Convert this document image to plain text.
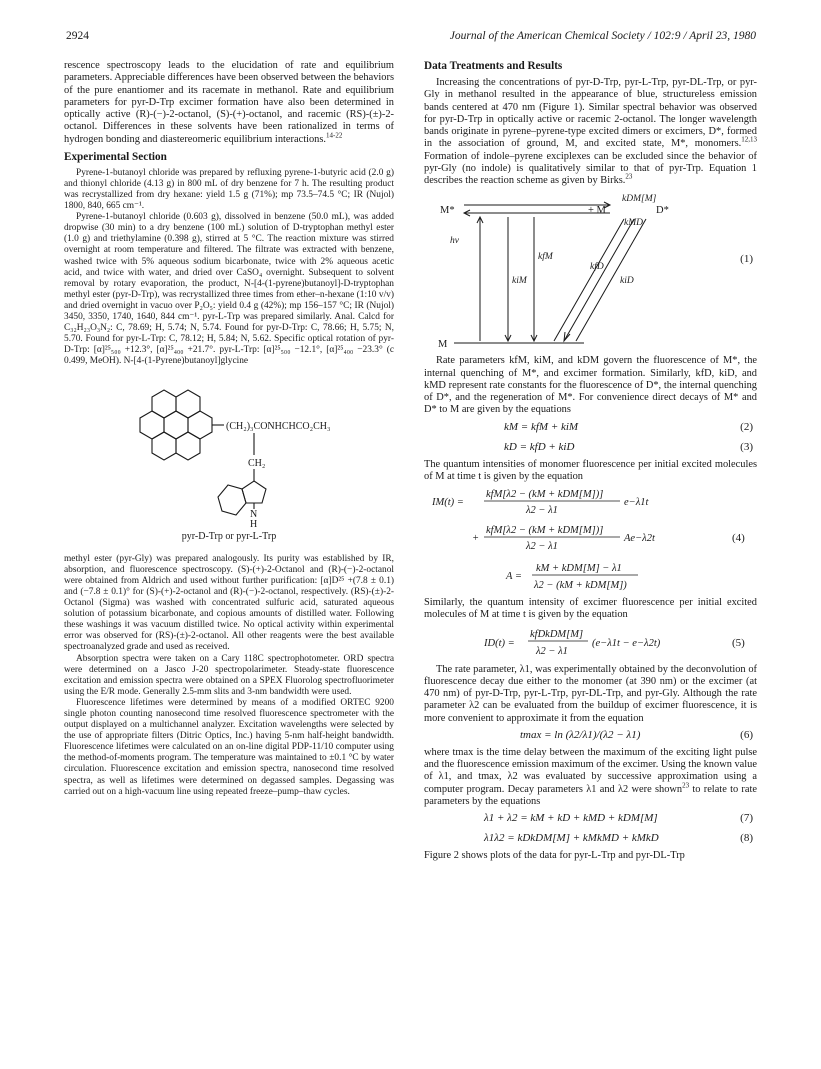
2924	Journal of the American Chemical Society / 102:9 / April 23, 1980

rescence spectroscopy leads to the elucidation of rate and equilibrium parameters. Appreciable differences have been observed between the behaviors of the pure enantiomer and its racemate in methanol. Rate and equilibrium parameters for pyr-D-Trp excimer formation have also been determined in optically active (R)-(−)-2-octanol, (S)-(+)-octanol, and racemic (RS)-(±)-2-octanol. Differences in these solvents have been rationalized in terms of hydrogen bonding and diastereomeric equilibrium interactions.$^{14-22}$

Experimental Section

Pyrene-1-butanoyl chloride was prepared by refluxing pyrene-1-butyric acid (2.0 g) and thionyl chloride (4.13 g) in 800 mL of dry benzene for 7 h. The resulting product was recrystallized from dry hexane: yield 1.5 g (71%); mp 73.5–74.5 °C; IR (Nujol) 1800, 840, 665 cm⁻¹.

Pyrene-1-butanoyl chloride (0.603 g), dissolved in benzene (50.0 mL), was added dropwise (30 min) to a dry benzene (100 mL) solution of D-tryptophan methyl ester (1.0 g) and triethylamine (0.398 g), stirred at 5 °C. The reaction mixture was stirred overnight at room temperature and filtered. The filtrate was extracted with benzene, washed twice with 5% aqueous sodium bicarbonate, twice with 2% aqueous acetic acid, and twice with water, and dried over CaSO₄ overnight. Subsequent to solvent removal by rotary evaporation, the product, N-[4-(1-pyrene)butanoyl]-D-tryptophan methyl ester (pyr-D-Trp), was recrystallized three times from ether–n-hexane (1:10 v/v) and dried overnight in vacuo over P₂O₅: yield 0.4 g (42%); mp 156–157 °C; IR (Nujol) 3450, 3350, 1740, 1640, 844 cm⁻¹. pyr-L-Trp was prepared similarly. Anal. Calcd for C₃₂H₂₃O₃N₂: C, 78.69; H, 5.74; N, 5.74. Found for pyr-D-Trp: C, 78.66; H, 5.75; N, 5.70. Found for pyr-L-Trp: C, 78.12; H, 5.84; N, 5.62. Specific optical rotation of pyr-D-Trp: [α]²⁵₅₀₀ +12.3°, [α]²⁵₄₀₀ +21.7°. pyr-L-Trp: [α]²⁵₅₀₀ −12.1°, [α]²⁵₄₀₀ −23.3° (c 0.499, MeOH). N-[4-(1-Pyrene)butanoyl]glycine

(CH₂)₃CONHCHCO₂CH₃
CH₂
N
H
pyr-D-Trp or pyr-L-Trp

methyl ester (pyr-Gly) was prepared analogously. Its purity was established by IR, absorption, and fluorescence spectroscopy. (S)-(+)-2-Octanol and (R)-(−)-2-octanol were obtained from Aldrich and used without further purification: [α]D²⁵ +(7.8 ± 0.1) and (−7.8 ± 0.1)° for (S)-(+)-2-octanol and (R)-(−)-2-octanol, respectively. (RS)-(±)-2-Octanol (Sigma) was washed with concentrated sulfuric acid, saturated aqueous solution of potassium bicarbonate, and copious amounts of distilled water. Following these washings it was vacuum distilled twice. No optical activity within experimental error was observed for (RS)-(±)-2-octanol. All other reagents were the best available spectroanalyzed grade and used as received.

Absorption spectra were taken on a Cary 118C spectrophotometer. ORD spectra were determined on a Jasco J-20 spectropolarimeter. Steady-state fluorescence excitation and emission spectra were obtained on a SPEX Fluorolog spectrofluorimeter using the E/R mode. Generally 2.5-mm slits and 3-nm bandwidth were used.

Fluorescence lifetimes were determined by means of a modified ORTEC 9200 single photon counting nanosecond time resolved fluorescence spectrometer with the output displayed on a multichannel analyzer. Excitation wavelengths were selected by the use of appropriate filters (Ditric Optics, Inc.) having 5-nm half-height bandwidth. Fluorescence lifetimes were calculated on an on-line digital PDP-11/10 computer using the method-of-moments program. The temperature was maintained to ±0.1 °C by water circulation. Fluorescence excitation and emission spectra, nanosecond time resolved spectra, as well as lifetimes were determined on degassed samples. Degassing was carried out on a high-vacuum line using repeated freeze–pump–thaw cycles.

Data Treatments and Results

Increasing the concentrations of pyr-D-Trp, pyr-L-Trp, pyr-DL-Trp, or pyr-Gly in methanol resulted in the appearance of blue, structureless emission bands centered at 470 nm (Figure 1). Similar spectral behavior was observed for pyr-D-Trp in optically active or racemic 2-octanol. The longer wavelength bands originate in pyrene–pyrene-type excited dimers or excimers, D*, formed in the association of ground, M, and excited state, M*, monomers.$^{12,13}$ Formation of indole–pyrene exciplexes can be excluded since the behavior of pyr-Gly (no indole) is qualitatively similar to that of pyr-Trp. Equation 1 describes the reaction scheme as given by Birks.$^{23}$

M*	+ M	D*
kDM[M]
kMD
hν
kfM
kiM
kfD
kiD
M
(1)

Rate parameters kfM, kiM, and kDM govern the fluorescence of M*, the internal quenching of M*, and excimer formation. Similarly, kfD, kiD, and kMD represent rate constants for the fluorescence of D*, the internal quenching of D*, and the regeneration of M*. For convenience direct decays of M* and D* to M are given by the equations

kM = kfM + kiM	(2)
kD = kfD + kiD	(3)

The quantum intensities of monomer fluorescence per initial excited molecules of M at time t is given by the equation

IM(t) =
kfM[λ2 − (kM + kDM[M])]
λ2 − λ1
e−λ1t
+
kfM[λ2 − (kM + kDM[M])]
λ2 − λ1
Ae−λ2t	(4)
A =
kM + kDM[M] − λ1
λ2 − (kM + kDM[M])

Similarly, the quantum intensity of excimer fluorescence per initial excited molecules of M at time t is given by the equation

ID(t) =
kfDkDM[M]
λ2 − λ1
(e−λ1t − e−λ2t)	(5)

The rate parameter, λ1, was experimentally obtained by the deconvolution of fluorescence decay due either to the monomer (at 390 nm) or the excimer (at 470 nm) of pyr-D-Trp, pyr-L-Trp, pyr-DL-Trp, and pyr-Gly. Although the rate parameter λ2 can be evaluated from the buildup of excimer fluorescence, it is more convenient to approximate it from the equation

tmax = ln (λ2/λ1)/(λ2 − λ1)	(6)

where tmax is the time delay between the maximum of the exciting light pulse and the fluorescence emission maximum of the excimer. Using the known value of λ1, and tmax, λ2 was evaluated by successive approximation using a computer program. Decay parameters λ1 and λ2 were shown$^{23}$ to relate to rate parameters by the equations

λ1 + λ2 = kM + kD + kMD + kDM[M]	(7)
λ1λ2 = kDkDM[M] + kMkMD + kMkD	(8)

Figure 2 shows plots of the data for pyr-L-Trp and pyr-DL-Trp
